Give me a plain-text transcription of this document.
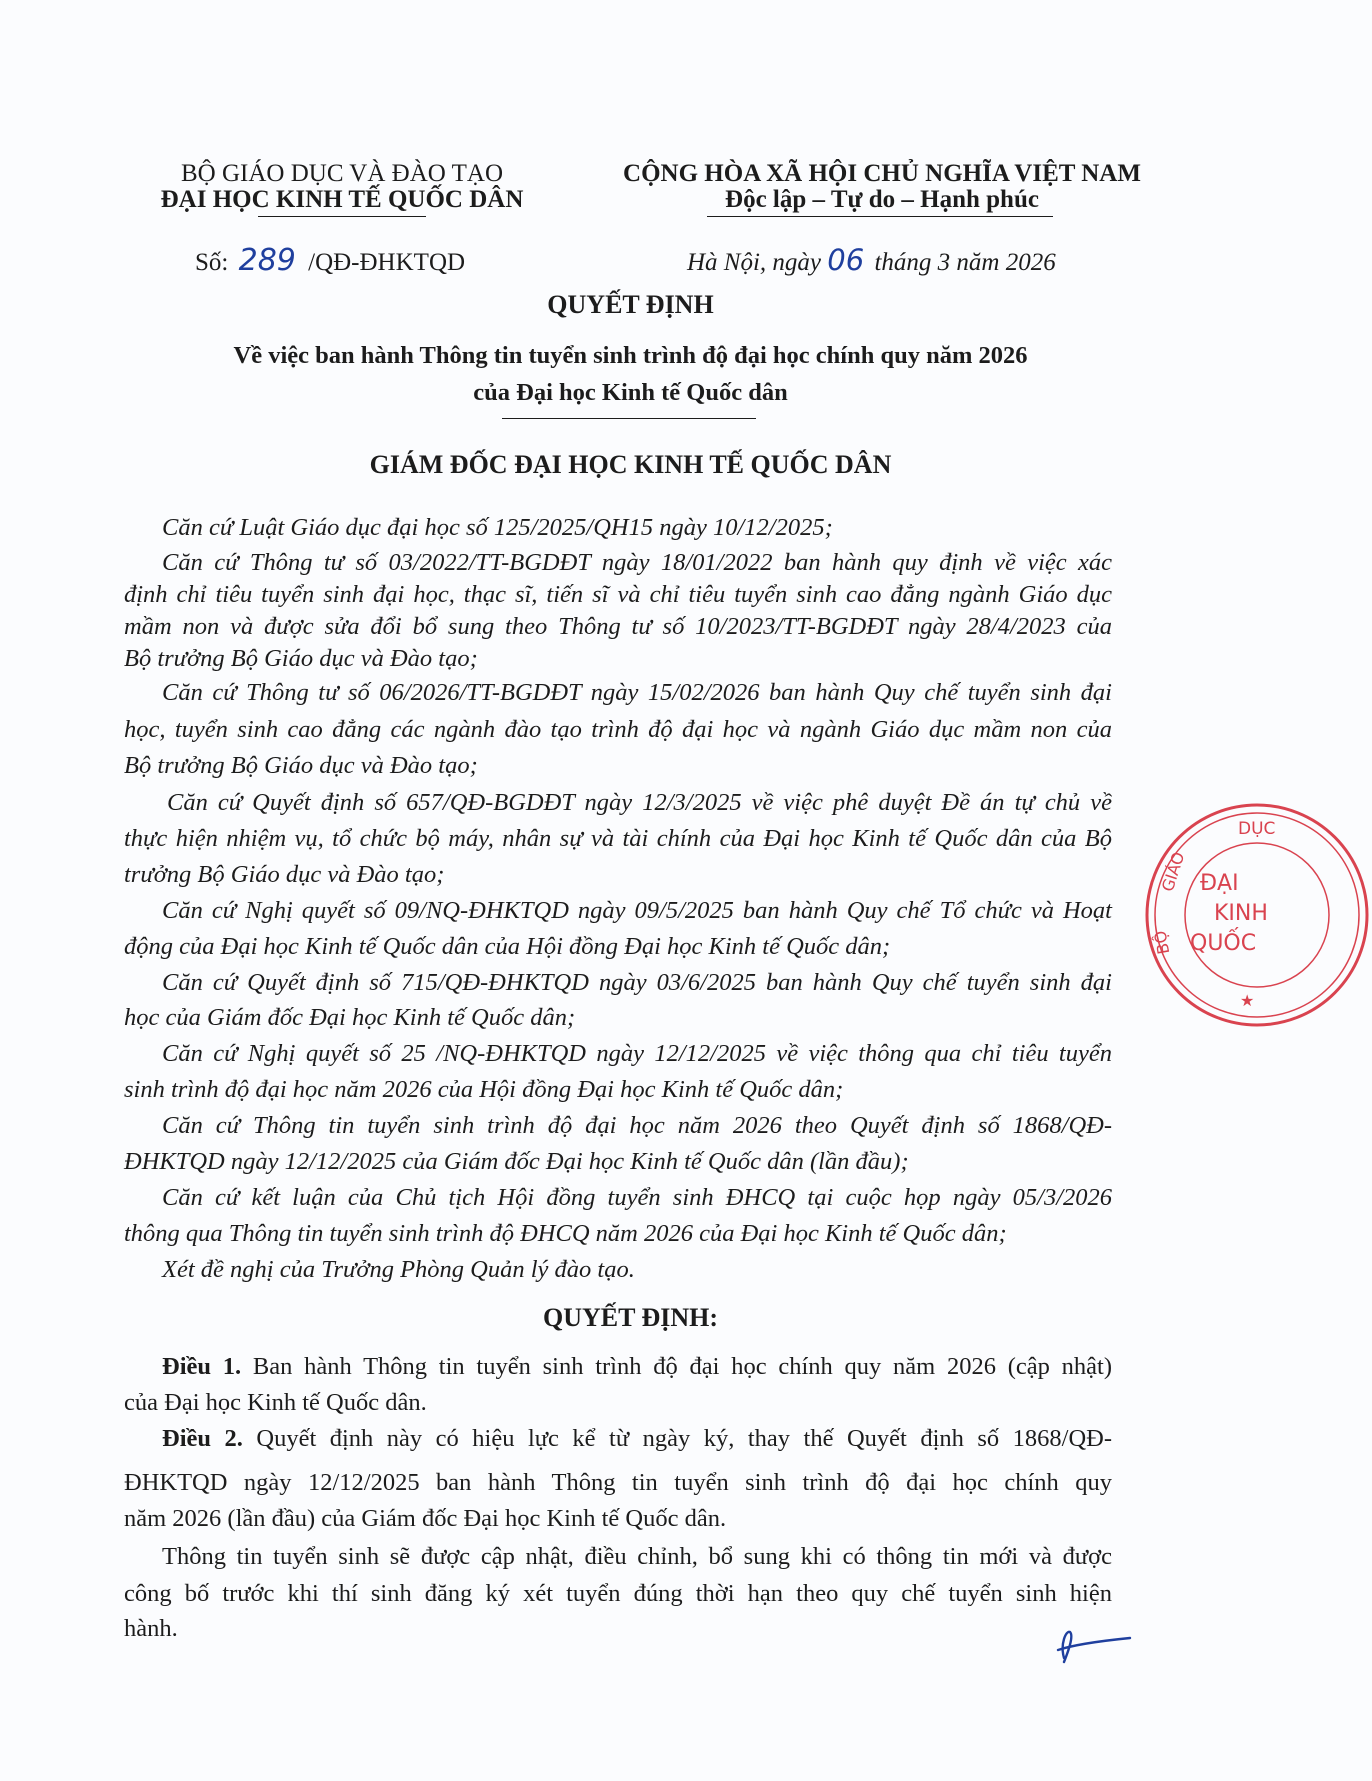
BỘ GIÁO DỤC VÀ ĐÀO TẠO
ĐẠI HỌC KINH TẾ QUỐC DÂN
CỘNG HÒA XÃ HỘI CHỦ NGHĨA VIỆT NAM
Độc lập – Tự do – Hạnh phúc
Số: 289 /QĐ-ĐHKTQD	Hà Nội, ngày 06 tháng 3 năm 2026
QUYẾT ĐỊNH
Về việc ban hành Thông tin tuyển sinh trình độ đại học chính quy năm 2026
của Đại học Kinh tế Quốc dân
GIÁM ĐỐC ĐẠI HỌC KINH TẾ QUỐC DÂN
Căn cứ Luật Giáo dục đại học số 125/2025/QH15 ngày 10/12/2025;
Căn cứ Thông tư số 03/2022/TT-BGDĐT ngày 18/01/2022 ban hành quy định về việc xác
định chỉ tiêu tuyển sinh đại học, thạc sĩ, tiến sĩ và chỉ tiêu tuyển sinh cao đẳng ngành Giáo dục
mầm non và được sửa đổi bổ sung theo Thông tư số 10/2023/TT-BGDĐT ngày 28/4/2023 của
Bộ trưởng Bộ Giáo dục và Đào tạo;
Căn cứ Thông tư số 06/2026/TT-BGDĐT ngày 15/02/2026 ban hành Quy chế tuyển sinh đại
học, tuyển sinh cao đẳng các ngành đào tạo trình độ đại học và ngành Giáo dục mầm non của
Bộ trưởng Bộ Giáo dục và Đào tạo;
Căn cứ Quyết định số 657/QĐ-BGDĐT ngày 12/3/2025 về việc phê duyệt Đề án tự chủ về
thực hiện nhiệm vụ, tổ chức bộ máy, nhân sự và tài chính của Đại học Kinh tế Quốc dân của Bộ
trưởng Bộ Giáo dục và Đào tạo;
Căn cứ Nghị quyết số 09/NQ-ĐHKTQD ngày 09/5/2025 ban hành Quy chế Tổ chức và Hoạt
động của Đại học Kinh tế Quốc dân của Hội đồng Đại học Kinh tế Quốc dân;
Căn cứ Quyết định số 715/QĐ-ĐHKTQD ngày 03/6/2025 ban hành Quy chế tuyển sinh đại
học của Giám đốc Đại học Kinh tế Quốc dân;
Căn cứ Nghị quyết số 25 /NQ-ĐHKTQD ngày 12/12/2025 về việc thông qua chỉ tiêu tuyển
sinh trình độ đại học năm 2026 của Hội đồng Đại học Kinh tế Quốc dân;
Căn cứ Thông tin tuyển sinh trình độ đại học năm 2026 theo Quyết định số 1868/QĐ-
ĐHKTQD ngày 12/12/2025 của Giám đốc Đại học Kinh tế Quốc dân (lần đầu);
Căn cứ kết luận của Chủ tịch Hội đồng tuyển sinh ĐHCQ tại cuộc họp ngày 05/3/2026
thông qua Thông tin tuyển sinh trình độ ĐHCQ năm 2026 của Đại học Kinh tế Quốc dân;
Xét đề nghị của Trưởng Phòng Quản lý đào tạo.
QUYẾT ĐỊNH:
Điều 1. Ban hành Thông tin tuyển sinh trình độ đại học chính quy năm 2026 (cập nhật)
của Đại học Kinh tế Quốc dân.
Điều 2. Quyết định này có hiệu lực kể từ ngày ký, thay thế Quyết định số 1868/QĐ-
ĐHKTQD ngày 12/12/2025 ban hành Thông tin tuyển sinh trình độ đại học chính quy
năm 2026 (lần đầu) của Giám đốc Đại học Kinh tế Quốc dân.
Thông tin tuyển sinh sẽ được cập nhật, điều chỉnh, bổ sung khi có thông tin mới và được
công bố trước khi thí sinh đăng ký xét tuyển đúng thời hạn theo quy chế tuyển sinh hiện
hành.
DỤC
GIÁO
BỘ
ĐẠI
KINH
QUỐC
★
